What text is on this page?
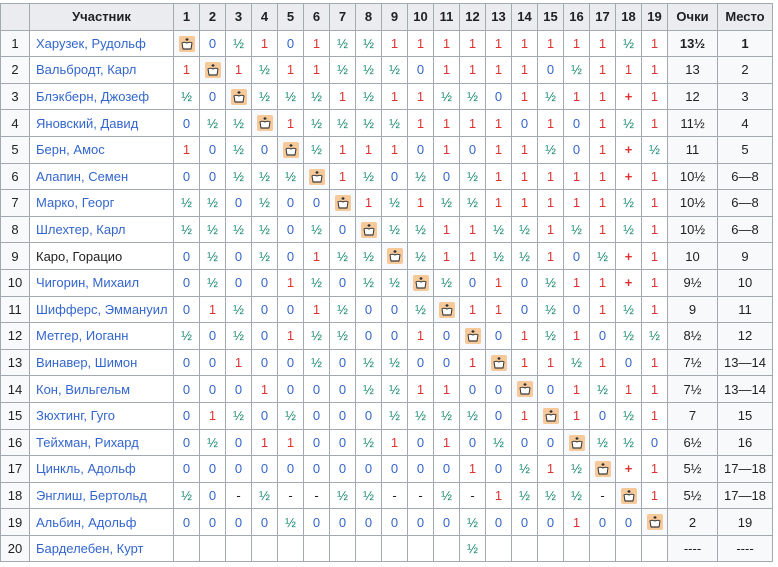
	Участник	1	2	3	4	5	6	7	8	9	10	11	12	13	14	15	16	17	18	19	Очки	Место
1	Харузек, Рудольф		0	½	1	0	1	½	½	1	1	1	1	1	1	1	1	1	½	1	13½	1
2	Вальбродт, Карл	1		1	½	1	1	½	½	½	0	1	1	1	1	0	½	1	1	1	13	2
3	Блэкберн, Джозеф	½	0		½	½	½	1	½	1	1	½	½	0	1	½	1	1	+	1	12	3
4	Яновский, Давид	0	½	½		1	½	½	½	½	1	1	1	1	0	1	0	1	½	1	11½	4
5	Берн, Амос	1	0	½	0		½	1	1	1	0	1	0	1	1	½	0	1	+	½	11	5
6	Алапин, Семен	0	0	½	½	½		1	½	0	½	0	½	1	1	1	1	1	+	1	10½	6—8
7	Марко, Георг	½	½	0	½	0	0		1	½	1	½	½	1	1	1	1	1	½	1	10½	6—8
8	Шлехтер, Карл	½	½	½	½	0	½	0		½	½	1	1	½	½	1	½	1	½	1	10½	6—8
9	Каро, Горацио	0	½	0	½	0	1	½	½		½	1	1	½	½	1	0	½	+	1	10	9
10	Чигорин, Михаил	0	½	0	0	1	½	0	½	½		½	0	1	0	½	1	1	+	1	9½	10
11	Шифферс, Эммануил	0	1	½	0	0	1	½	0	0	½		1	1	0	½	0	1	½	1	9	11
12	Метгер, Иоганн	½	0	½	0	1	½	½	0	0	1	0		0	1	½	1	0	½	½	8½	12
13	Винавер, Шимон	0	0	1	0	0	½	0	½	½	0	0	1		1	1	½	1	0	1	7½	13—14
14	Кон, Вильгельм	0	0	0	1	0	0	0	½	½	1	1	0	0		0	1	½	1	1	7½	13—14
15	Зюхтинг, Гуго	0	1	½	0	½	0	0	0	½	½	½	½	0	1		1	0	½	1	7	15
16	Тейхман, Рихард	0	½	0	1	1	0	0	½	1	0	1	0	½	0	0		½	½	0	6½	16
17	Цинкль, Адольф	0	0	0	0	0	0	0	0	0	0	0	1	0	½	1	½		+	1	5½	17—18
18	Энглиш, Бертольд	½	0	-	½	-	-	½	½	-	-	½	-	1	½	½	½	-		1	5½	17—18
19	Альбин, Адольф	0	0	0	0	½	0	0	0	0	0	0	½	0	0	0	1	0	0		2	19
20	Барделебен, Курт												½								----	----
